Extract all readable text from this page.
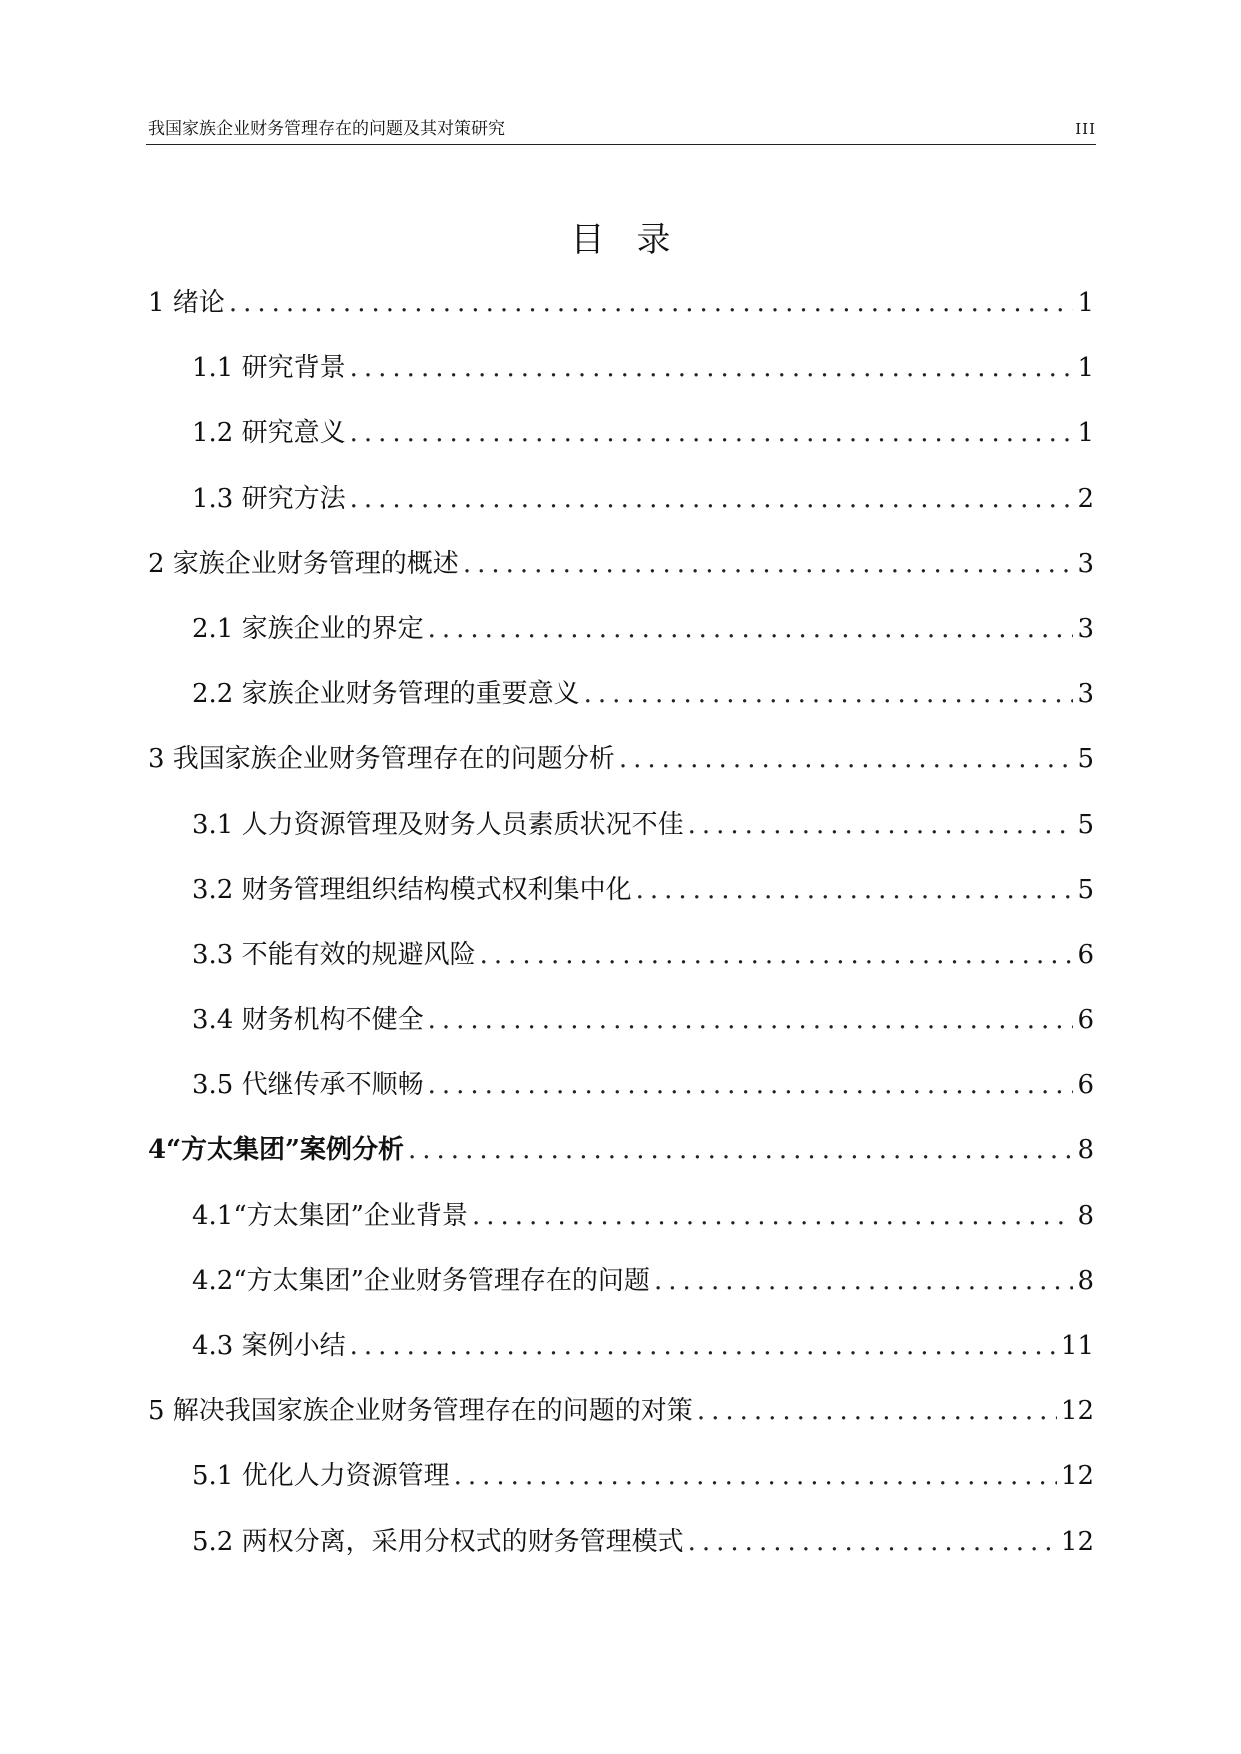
我国家族企业财务管理存在的问题及其对策研究	III
目录
1 绪论 .....	1
1.1 研究背景 .....	1
1.2 研究意义 .....	1
1.3 研究方法 .....	2
2 家族企业财务管理的概述 .....	3
2.1 家族企业的界定 .....	3
2.2 家族企业财务管理的重要意义 .....	3
3 我国家族企业财务管理存在的问题分析 .....	5
3.1 人力资源管理及财务人员素质状况不佳 .....	5
3.2 财务管理组织结构模式权利集中化 .....	5
3.3 不能有效的规避风险 .....	6
3.4 财务机构不健全 .....	6
3.5 代继传承不顺畅 .....	6
4“方太集团”案例分析 .....	8
4.1“方太集团”企业背景 .....	8
4.2“方太集团”企业财务管理存在的问题 .....	8
4.3 案例小结 .....	11
5 解决我国家族企业财务管理存在的问题的对策 .....	12
5.1 优化人力资源管理 .....	12
5.2 两权分离，采用分权式的财务管理模式 .....	12
